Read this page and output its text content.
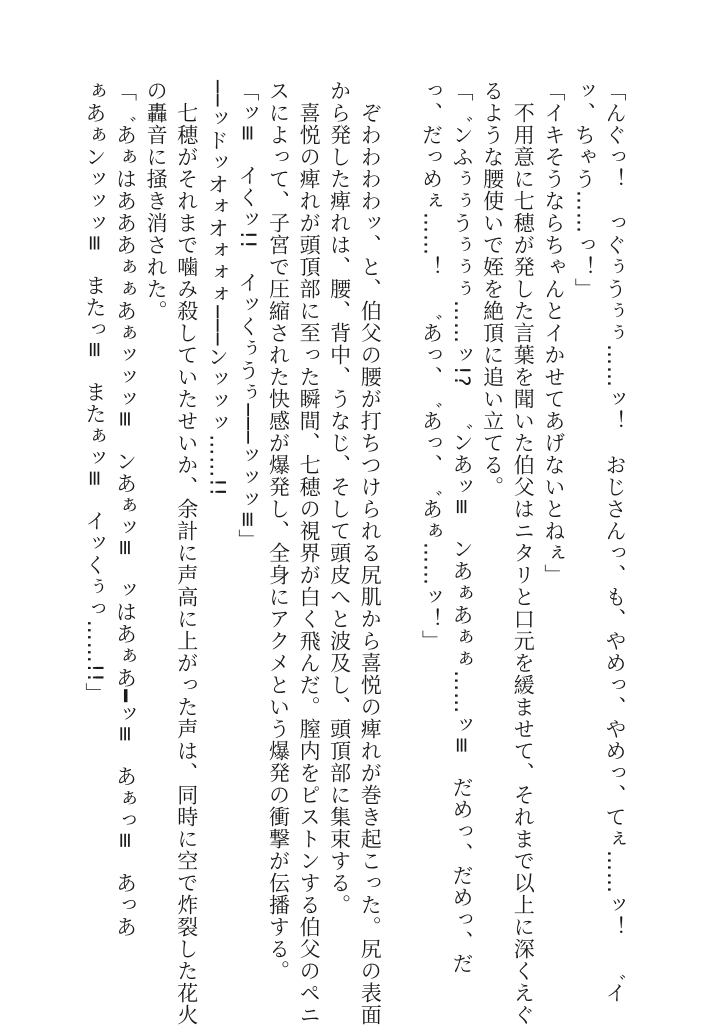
「んぐっ！　っぐぅうぅぅ……ッ！　おじさんっ、も、やめっ、やめっ、てぇ……ッ！　゛イ
ッ、ちゃう……っ！」
「イキそうならちゃんとイかせてあげないとねぇ」
　不用意に七穂が発した言葉を聞いた伯父はニタリと口元を緩ませて、それまで以上に深くえぐ
るような腰使いで姪を絶頂に追い立てる。
「゛ンふぅぅうぅぅぅ……ッ!?　゛ンあッ≡　ンあぁあぁぁ……ッ≡　だめっ、だめっ、だ
っ、だっめぇ……！　゛あっ、゛あっ、゛あぁ……ッ！」
　ぞわわわわッ、と、伯父の腰が打ちつけられる尻肌から喜悦の痺れが巻き起こった。尻の表面
から発した痺れは、腰、背中、うなじ、そして頭皮へと波及し、頭頂部に集束する。
　喜悦の痺れが頭頂部に至った瞬間、七穂の視界が白く飛んだ。膣内をピストンする伯父のペニ
スによって、子宮で圧縮された快感が爆発し、全身にアクメという爆発の衝撃が伝播する。
「ッ≡　イくッ!!　イッくぅうぅ───ッッッ≡」
──ッドッオォオォォォ───ンッッッ……!!
　七穂がそれまで噛み殺していたせいか、余計に声高に上がった声は、同時に空で炸裂した花火
の轟音に掻き消された。
「゛あぁはあああぁぁあぁッッッ≡　ンあぁッ≡　ッはあぁあ━ッ≡　あぁっ≡　あっあ
ぁあぁンッッッ≡　またっ≡　またぁッ≡　イッくぅっ……!!」
